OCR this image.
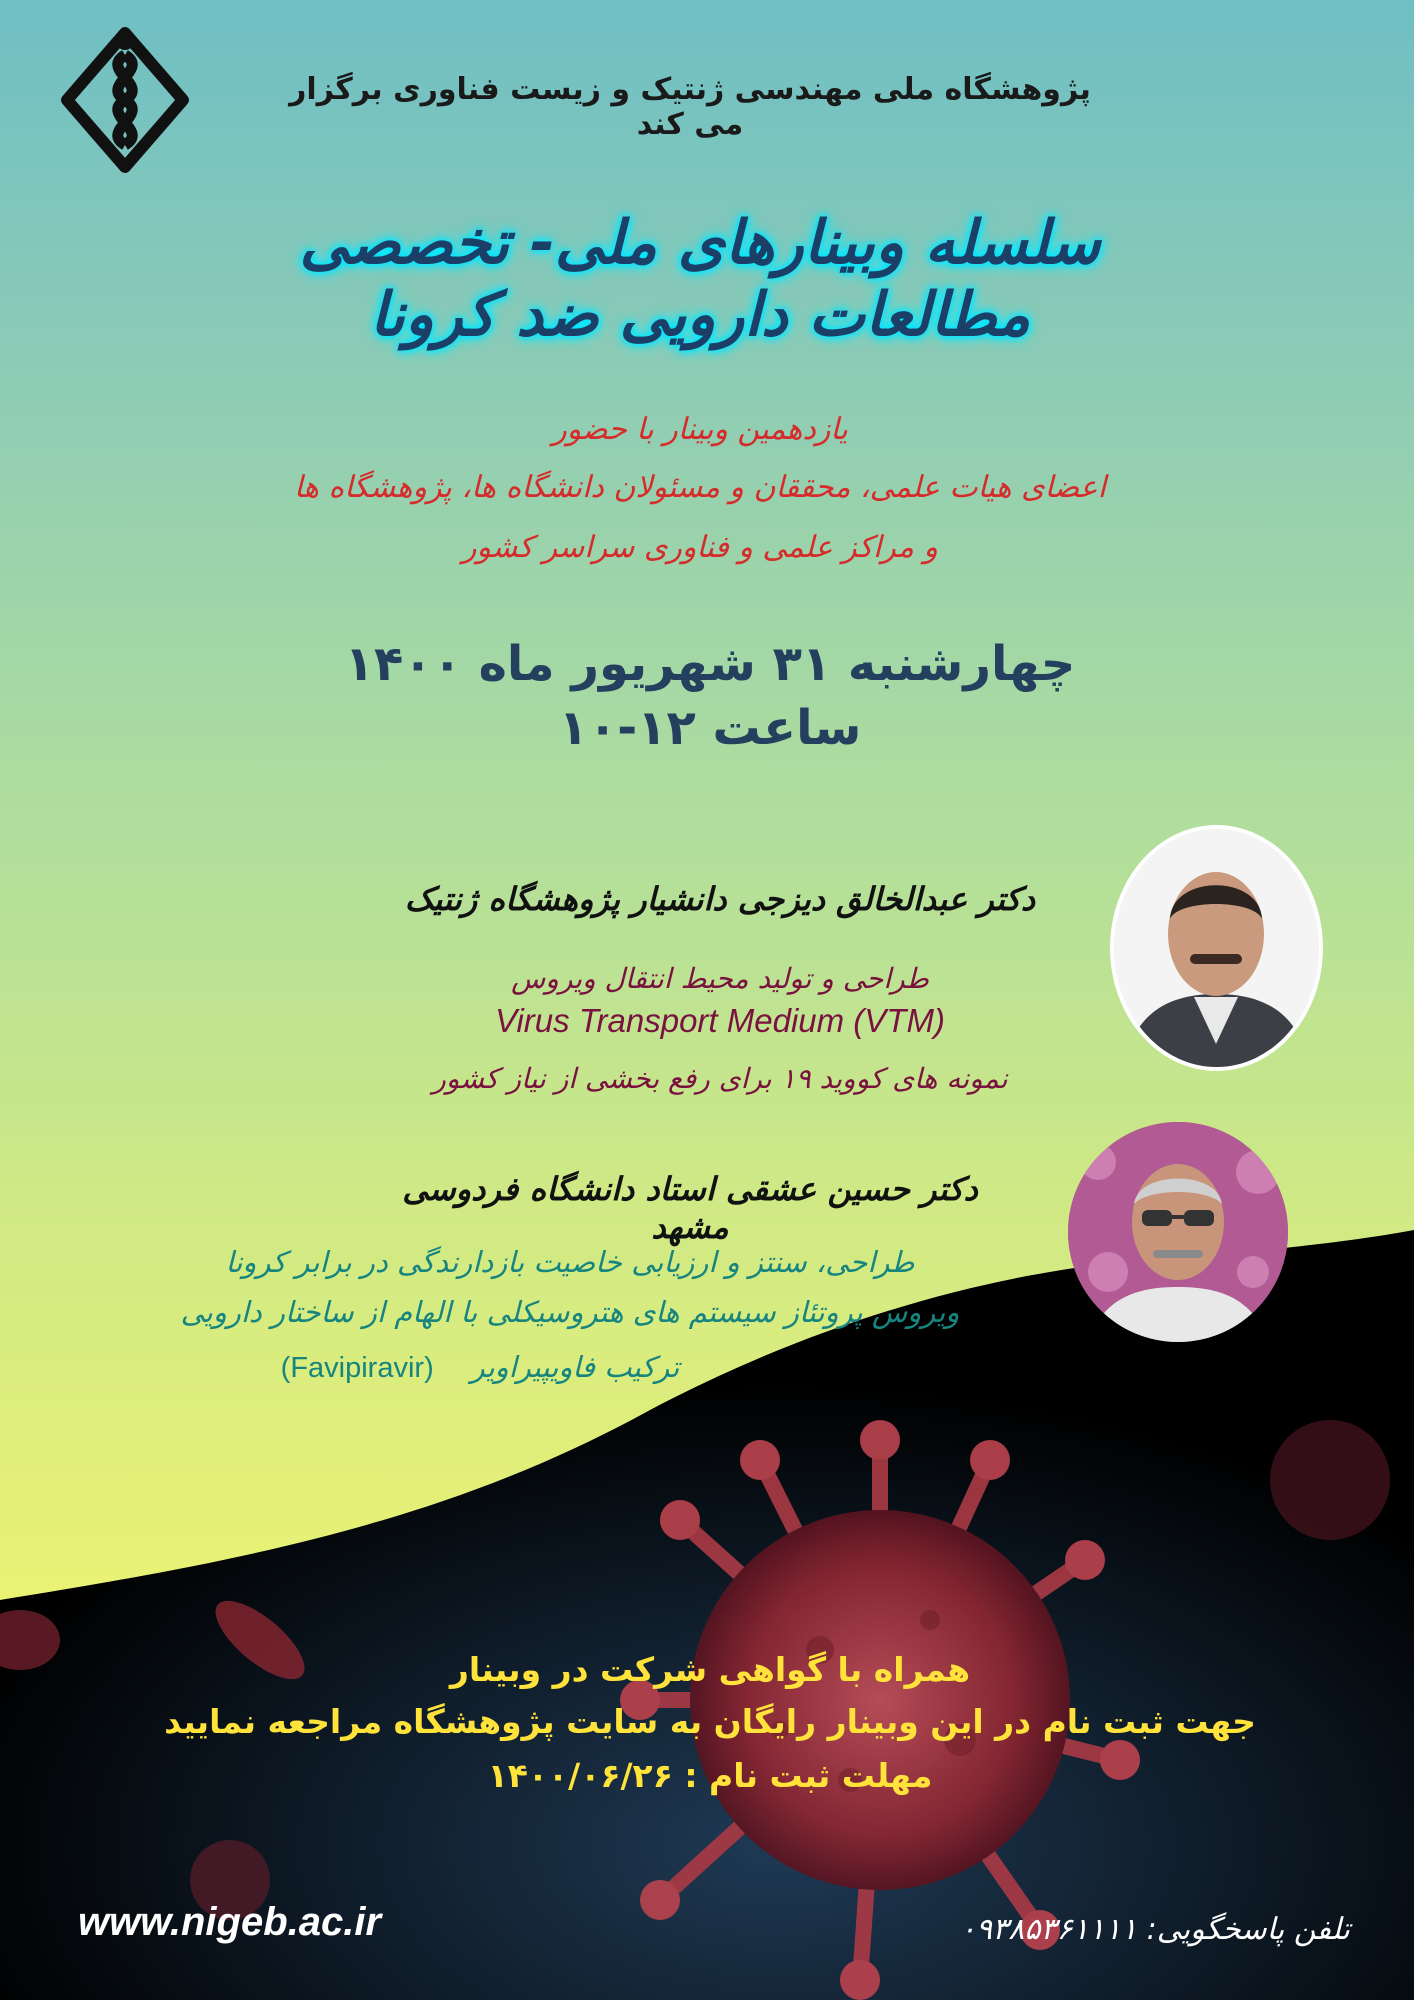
پژوهشگاه ملی مهندسی ژنتیک و زیست فناوری برگزار می کند
سلسله وبینارهای ملی- تخصصی
مطالعات دارویی ضد کرونا
یازدهمین وبینار با حضور
اعضای هیات علمی، محققان و مسئولان دانشگاه ها، پژوهشگاه ها
و مراکز علمی و فناوری سراسر کشور
چهارشنبه ۳۱ شهریور ماه ۱۴۰۰
ساعت ۱۲-۱۰
دکتر عبدالخالق دیزجی دانشیار پژوهشگاه ژنتیک
طراحی و تولید محیط انتقال ویروس
Virus Transport Medium (VTM)
نمونه های کووید ۱۹ برای رفع بخشی از نیاز کشور
دکتر حسین عشقی استاد دانشگاه فردوسی مشهد
طراحی، سنتز و ارزیابی خاصیت بازدارندگی در برابر کرونا
ویروس پروتئاز سیستم های هتروسیکلی با الهام از ساختار دارویی
ترکیب فاویپیراویر    (Favipiravir)
همراه با گواهی شرکت در وبینار
جهت ثبت نام در این وبینار رایگان به سایت پژوهشگاه مراجعه نمایید
مهلت ثبت نام : ۱۴۰۰/۰۶/۲۶
www.nigeb.ac.ir	تلفن پاسخگویی: ۰۹۳۸۵۳۶۱۱۱۱
